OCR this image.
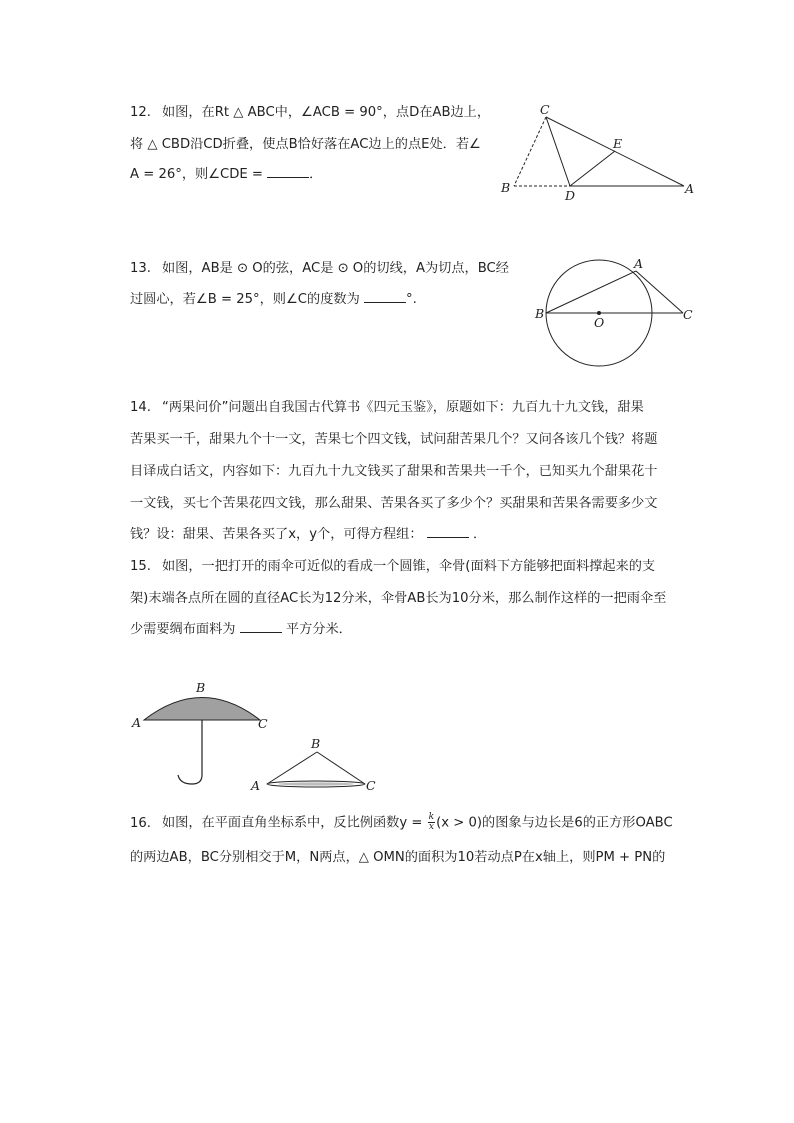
12. 如图，在Rt △ ABC中，∠ACB = 90°，点D在AB边上，
将 △ CBD沿CD折叠，使点B恰好落在AC边上的点E处．若∠
A = 26°，则∠CDE =	．
C
E
B
D	A
13. 如图，AB是 ⊙ O的弦，AC是 ⊙ O的切线，A为切点，BC经
过圆心，若∠B = 25°，则∠C的度数为	°.
A
B
O
C
14. “两果问价”问题出自我国古代算书《四元玉鉴》，原题如下：九百九十九文钱，甜果
苦果买一千，甜果九个十一文，苦果七个四文钱，试问甜苦果几个？又问各该几个钱？将题
目译成白话文，内容如下：九百九十九文钱买了甜果和苦果共一千个，已知买九个甜果花十
一文钱，买七个苦果花四文钱，那么甜果、苦果各买了多少个？买甜果和苦果各需要多少文
钱？设：甜果、苦果各买了x，y个，可得方程组：	．
15. 如图，一把打开的雨伞可近似的看成一个圆锥，伞骨(面料下方能够把面料撑起来的支
架)末端各点所在圆的直径AC长为12分米，伞骨AB长为10分米，那么制作这样的一把雨伞至
少需要绸布面料为	平方分米．
B
A	C
B
A	C
16. 如图，在平面直角坐标系中，反比例函数$y = \frac{k}{x} (x > 0)$的图象与边长是6的正方形OABC
的两边AB，BC分别相交于M，N两点，△ OMN的面积为10若动点P在x轴上，则PM + PN的
